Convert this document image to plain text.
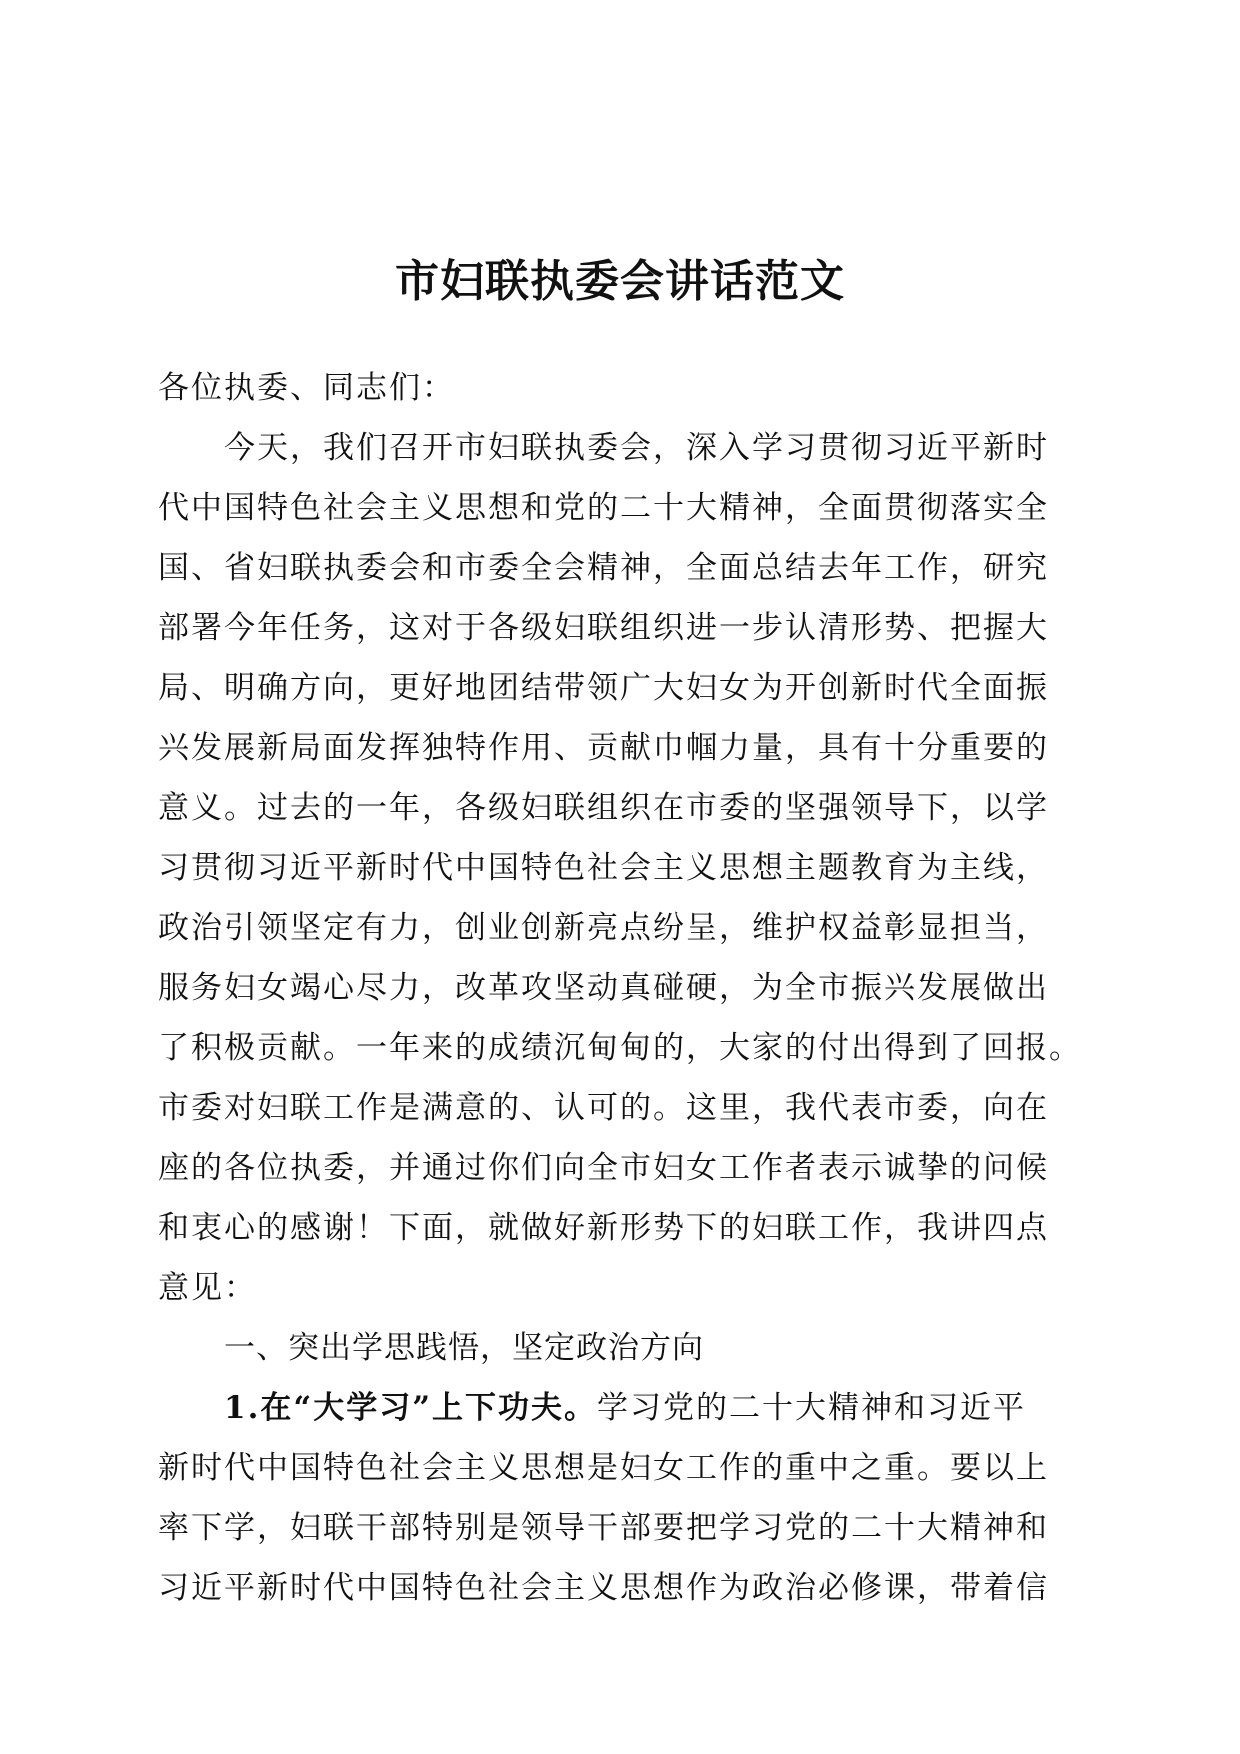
市妇联执委会讲话范文

各位执委、同志们：

今天，我们召开市妇联执委会，深入学习贯彻习近平新时
代中国特色社会主义思想和党的二十大精神，全面贯彻落实全
国、省妇联执委会和市委全会精神，全面总结去年工作，研究
部署今年任务，这对于各级妇联组织进一步认清形势、把握大
局、明确方向，更好地团结带领广大妇女为开创新时代全面振
兴发展新局面发挥独特作用、贡献巾帼力量，具有十分重要的
意义。过去的一年，各级妇联组织在市委的坚强领导下，以学
习贯彻习近平新时代中国特色社会主义思想主题教育为主线，
政治引领坚定有力，创业创新亮点纷呈，维护权益彰显担当，
服务妇女竭心尽力，改革攻坚动真碰硬，为全市振兴发展做出
了积极贡献。一年来的成绩沉甸甸的，大家的付出得到了回报。
市委对妇联工作是满意的、认可的。这里，我代表市委，向在
座的各位执委，并通过你们向全市妇女工作者表示诚挚的问候
和衷心的感谢！下面，就做好新形势下的妇联工作，我讲四点
意见：

一、突出学思践悟，坚定政治方向

1.在“大学习”上下功夫。学习党的二十大精神和习近平
新时代中国特色社会主义思想是妇女工作的重中之重。要以上
率下学，妇联干部特别是领导干部要把学习党的二十大精神和
习近平新时代中国特色社会主义思想作为政治必修课，带着信
